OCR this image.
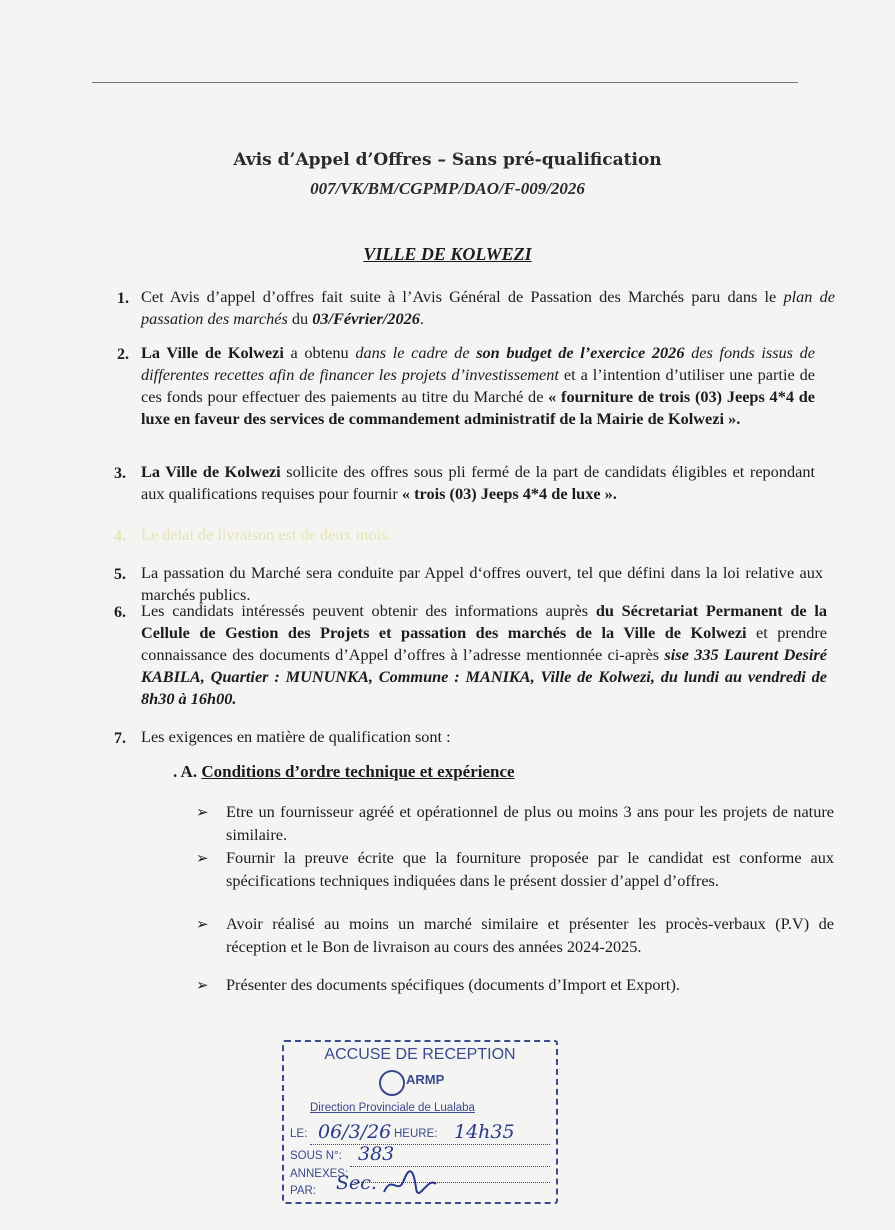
Avis d’Appel d’Offres – Sans pré-qualification
007/VK/BM/CGPMP/DAO/F-009/2026
VILLE DE KOLWEZI
1. Cet Avis d’appel d’offres fait suite à l’Avis Général de Passation des Marchés paru dans le plan de passation des marchés du 03/Février/2026.
2. La Ville de Kolwezi a obtenu dans le cadre de son budget de l’exercice 2026 des fonds issus de differentes recettes afin de financer les projets d’investissement et a l’intention d’utiliser une partie de ces fonds pour effectuer des paiements au titre du Marché de « fourniture de trois (03) Jeeps 4*4 de luxe en faveur des services de commandement administratif de la Mairie de Kolwezi ».
3. La Ville de Kolwezi sollicite des offres sous pli fermé de la part de candidats éligibles et repondant aux qualifications requises pour fournir « trois (03) Jeeps 4*4 de luxe ».
4. Le delai de livraison est de deux mois.
5. La passation du Marché sera conduite par Appel d‘offres ouvert, tel que défini dans la loi relative aux marchés publics.
6. Les candidats intéressés peuvent obtenir des informations auprès du Sécretariat Permanent de la Cellule de Gestion des Projets et passation des marchés de la Ville de Kolwezi et prendre connaissance des documents d’Appel d’offres à l’adresse mentionnée ci-après sise 335 Laurent Desiré KABILA, Quartier : MUNUNKA, Commune : MANIKA, Ville de Kolwezi, du lundi au vendredi de 8h30 à 16h00.
7. Les exigences en matière de qualification sont :
. A. Conditions d’ordre technique et expérience
➢ Etre un fournisseur agréé et opérationnel de plus ou moins 3 ans pour les projets de nature similaire.
➢ Fournir la preuve écrite que la fourniture proposée par le candidat est conforme aux spécifications techniques indiquées dans le présent dossier d’appel d’offres.
➢ Avoir réalisé au moins un marché similaire et présenter les procès-verbaux (P.V) de réception et le Bon de livraison au cours des années 2024-2025.
➢ Présenter des documents spécifiques (documents d’Import et Export).
ACCUSE DE RECEPTION
ARMP
Direction Provinciale de Lualaba
LE: 06/3/26 HEURE: 14h35
SOUS N°: 383
ANNEXES:
PAR: Sec.
